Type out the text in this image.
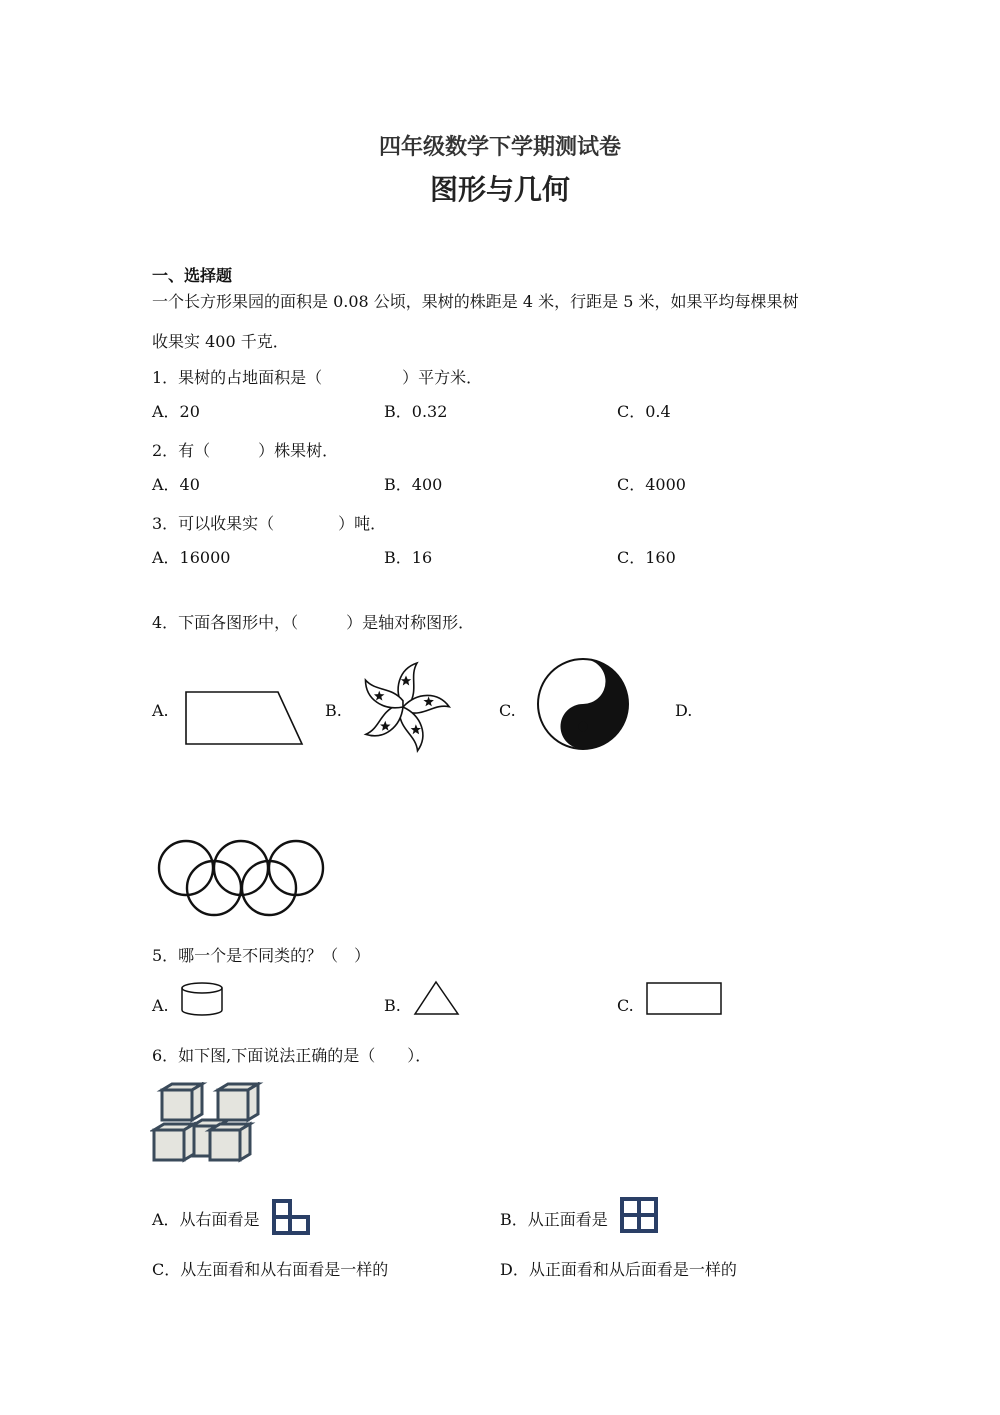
四年级数学下学期测试卷
图形与几何
一、选择题
一个长方形果园的面积是 0.08 公顷，果树的株距是 4 米，行距是 5 米，如果平均每棵果树
收果实 400 千克．
1．果树的占地面积是（　　　　　）平方米．
A．20	B．0.32	C．0.4
2．有（　　　）株果树．
A．40	B．400	C．4000
3．可以收果实（　　　　）吨．
A．16000	B．16	C．160
4．下面各图形中，（　　　）是轴对称图形．
A.	B.	C.	D.
5．哪一个是不同类的？（　）
A.	B.	C.
6．如下图,下面说法正确的是（　　）．
A．从右面看是	B．从正面看是
C．从左面看和从右面看是一样的	D．从正面看和从后面看是一样的
